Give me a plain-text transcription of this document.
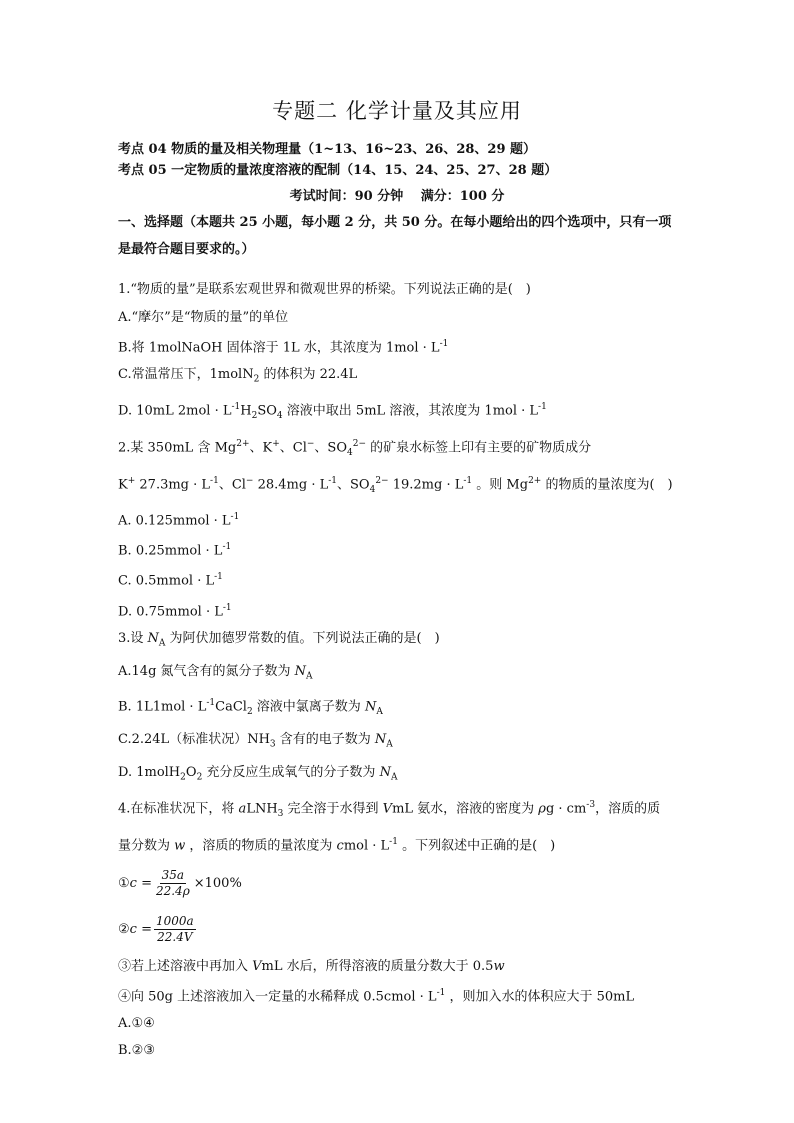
专题二 化学计量及其应用

考点 04 物质的量及相关物理量（1~13、16~23、26、28、29 题）

考点 05 一定物质的量浓度溶液的配制（14、15、24、25、27、28 题）

考试时间：90 分钟　 满分：100 分

一、选择题（本题共 25 小题，每小题 2 分，共 50 分。在每小题给出的四个选项中，只有一项是最符合题目要求的。）

1.“物质的量”是联系宏观世界和微观世界的桥梁。下列说法正确的是(　)

A.“摩尔”是“物质的量”的单位

B.将 1molNaOH 固体溶于 1L 水，其浓度为 $1mol \cdot L^{-1}$

C.常温常压下，1molN$_2$ 的体积为 22.4L

D. 10mL $2mol \cdot L^{-1}H_2SO_4$ 溶液中取出 5mL 溶液，其浓度为 $1mol \cdot L^{-1}$

2.某 350mL 含 $Mg^{2+}$、K+、Cl−、$SO_4^{2-}$ 的矿泉水标签上印有主要的矿物质成分

K+ $27.3mg \cdot L^{-1}$、Cl− $28.4mg \cdot L^{-1}$、$SO_4^{2-}$ $19.2mg \cdot L^{-1}$ 。则 $Mg^{2+}$ 的物质的量浓度为(　)

A. 0.125mmol · $L^{-1}$

B. 0.25mmol · $L^{-1}$

C. 0.5mmol · $L^{-1}$

D. 0.75mmol · $L^{-1}$

3.设 $N_A$ 为阿伏加德罗常数的值。下列说法正确的是(　)

A.14g 氮气含有的氮分子数为 $N_A$

B. $1L1mol \cdot L^{-1}CaCl_2$ 溶液中氯离子数为 $N_A$

C.2.24L（标准状况）$NH_3$ 含有的电子数为 $N_A$

D. $1molH_2O_2$ 充分反应生成氧气的分子数为 $N_A$

4.在标准状况下，将 aLNH$_3$ 完全溶于水得到 VmL 氨水，溶液的密度为 $\rho g \cdot cm^{-3}$，溶质的质

量分数为 w ，溶质的物质的量浓度为 cmol · $L^{-1}$ 。下列叙述中正确的是(　)

① $c = \frac{35a}{22.4\rho} \times 100\%$
② $c = \frac{1000a}{22.4V}$

③若上述溶液中再加入 VmL 水后，所得溶液的质量分数大于 0.5w

④向 50g 上述溶液加入一定量的水稀释成 0.5cmol · $L^{-1}$ ，则加入水的体积应大于 50mL

A.①④

B.②③
